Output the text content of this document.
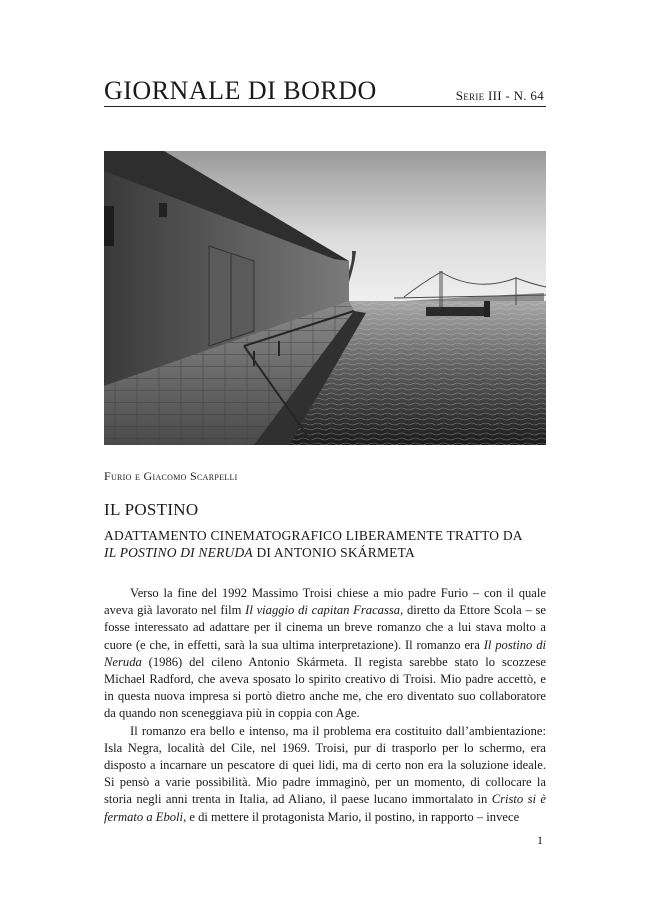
GIORNALE DI BORDO	Serie III - N. 64
Furio e Giacomo Scarpelli
IL POSTINO
ADATTAMENTO CINEMATOGRAFICO LIBERAMENTE TRATTO DA
IL POSTINO DI NERUDA DI ANTONIO SKÁRMETA

Verso la fine del 1992 Massimo Troisi chiese a mio padre Furio – con il quale aveva già lavorato nel film Il viaggio di capitan Fracassa, diretto da Ettore Scola – se fosse interessato ad adattare per il cinema un breve romanzo che a lui stava molto a cuore (e che, in effetti, sarà la sua ultima interpretazione). Il romanzo era Il postino di Neruda (1986) del cileno Antonio Skármeta. Il regista sarebbe stato lo scozzese Michael Radford, che aveva sposato lo spirito creativo di Troisi. Mio padre accettò, e in questa nuova impresa si portò dietro anche me, che ero diventato suo collaboratore da quando non sceneggiava più in coppia con Age.

Il romanzo era bello e intenso, ma il problema era costituito dall’ambientazione: Isla Negra, località del Cile, nel 1969. Troisi, pur di trasporlo per lo schermo, era disposto a incarnare un pescatore di quei lidi, ma di certo non era la soluzione ideale. Si pensò a varie possibilità. Mio padre immaginò, per un momento, di collocare la storia negli anni trenta in Italia, ad Aliano, il paese lucano immortalato in Cristo si è fermato a Eboli, e di mettere il protagonista Mario, il postino, in rapporto – invece

1
